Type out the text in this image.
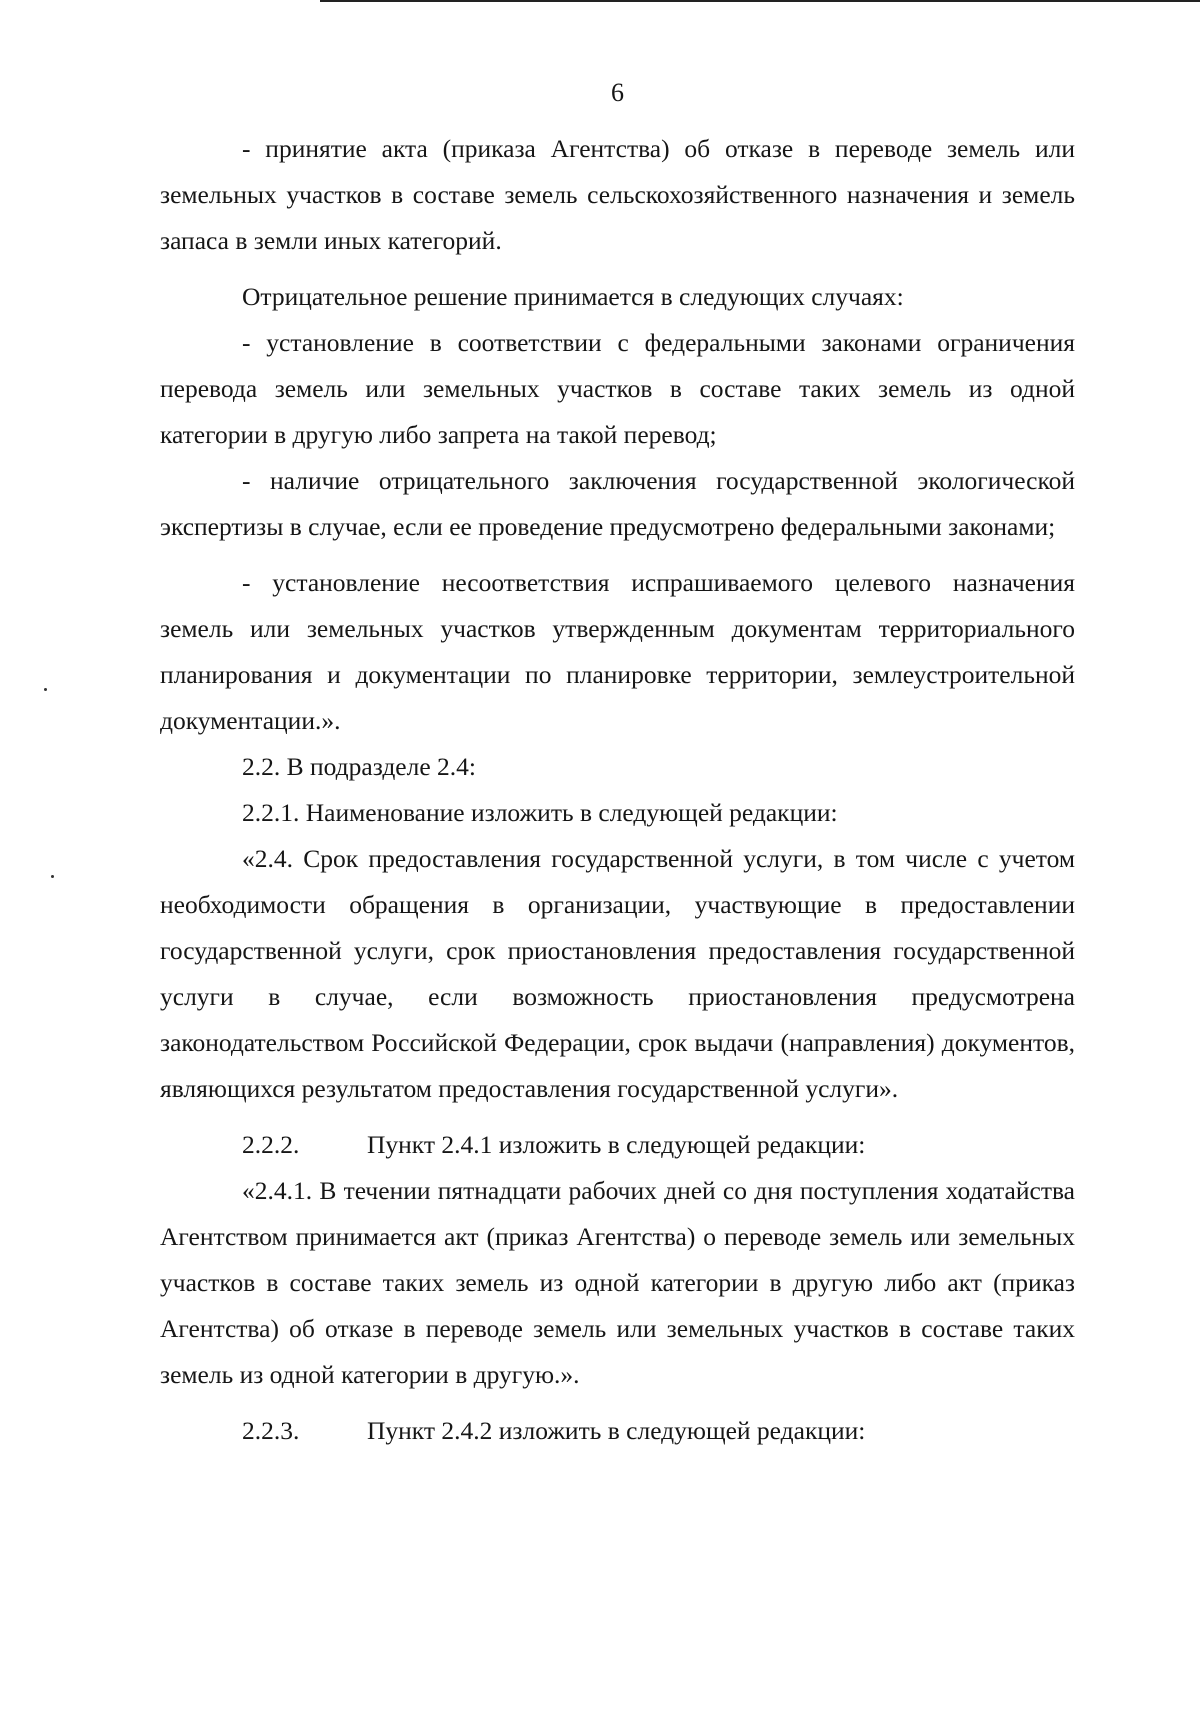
6

- принятие акта (приказа Агентства) об отказе в переводе земель или земельных участков в составе земель сельскохозяйственного назначения и земель запаса в земли иных категорий.

Отрицательное решение принимается в следующих случаях:

- установление в соответствии с федеральными законами ограничения перевода земель или земельных участков в составе таких земель из одной категории в другую либо запрета на такой перевод;

- наличие отрицательного заключения государственной экологической экспертизы в случае, если ее проведение предусмотрено федеральными законами;

- установление несоответствия испрашиваемого целевого назначения земель или земельных участков утвержденным документам территориального планирования и документации по планировке территории, землеустроительной документации.».

2.2. В подразделе 2.4:

2.2.1. Наименование изложить в следующей редакции:

«2.4. Срок предоставления государственной услуги, в том числе с учетом необходимости обращения в организации, участвующие в предоставлении государственной услуги, срок приостановления предоставления государственной услуги в случае, если возможность приостановления предусмотрена законодательством Российской Федерации, срок выдачи (направления) документов, являющихся результатом предоставления государственной услуги».

2.2.2.	Пункт 2.4.1 изложить в следующей редакции:

«2.4.1. В течении пятнадцати рабочих дней со дня поступления ходатайства Агентством принимается акт (приказ Агентства) о переводе земель или земельных участков в составе таких земель из одной категории в другую либо акт (приказ Агентства) об отказе в переводе земель или земельных участков в составе таких земель из одной категории в другую.».

2.2.3.	Пункт 2.4.2 изложить в следующей редакции:
